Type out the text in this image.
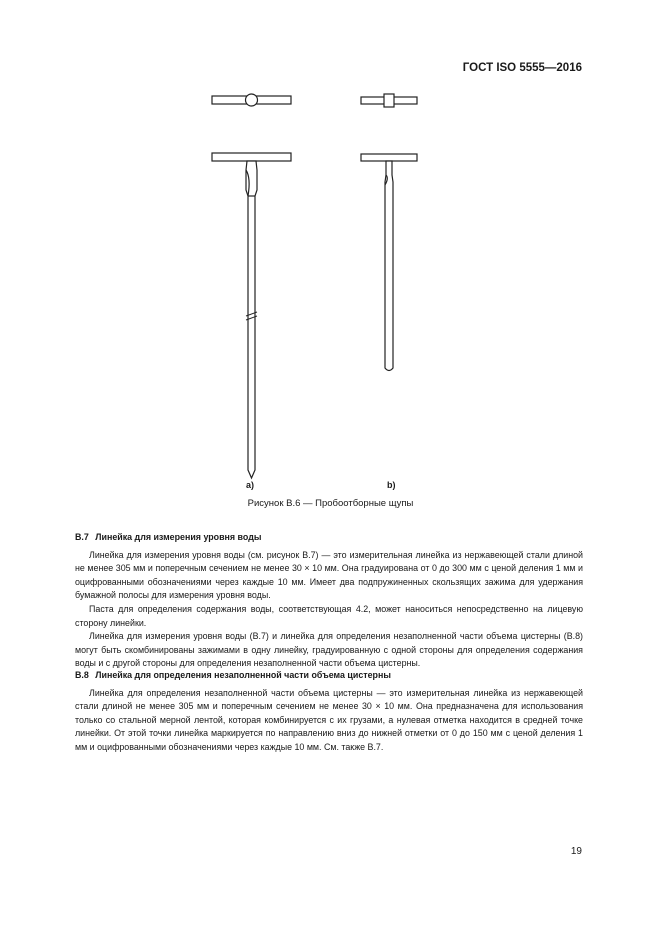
ГОСТ ISO 5555—2016
а)	b)
Рисунок В.6 — Пробоотборные щупы

В.7 Линейка для измерения уровня воды

Линейка для измерения уровня воды (см. рисунок В.7) — это измерительная линейка из нержавеющей стали длиной не менее 305 мм и поперечным сечением не менее 30 × 10 мм. Она градуирована от 0 до 300 мм с ценой деления 1 мм и оцифрованными обозначениями через каждые 10 мм. Имеет два подпружиненных скользящих зажима для удержания бумажной полосы для измерения уровня воды.

Паста для определения содержания воды, соответствующая 4.2, может наноситься непосредственно на лицевую сторону линейки.

Линейка для измерения уровня воды (В.7) и линейка для определения незаполненной части объема цистерны (В.8) могут быть скомбинированы зажимами в одну линейку, градуированную с одной стороны для определения содержания воды и с другой стороны для определения незаполненной части объема цистерны.

В.8 Линейка для определения незаполненной части объема цистерны

Линейка для определения незаполненной части объема цистерны — это измерительная линейка из нержавеющей стали длиной не менее 305 мм и поперечным сечением не менее 30 × 10 мм. Она предназначена для использования только со стальной мерной лентой, которая комбинируется с их грузами, а нулевая отметка находится в средней точке линейки. От этой точки линейка маркируется по направлению вниз до нижней отметки от 0 до 150 мм с ценой деления 1 мм и оцифрованными обозначениями через каждые 10 мм. См. также В.7.

19
